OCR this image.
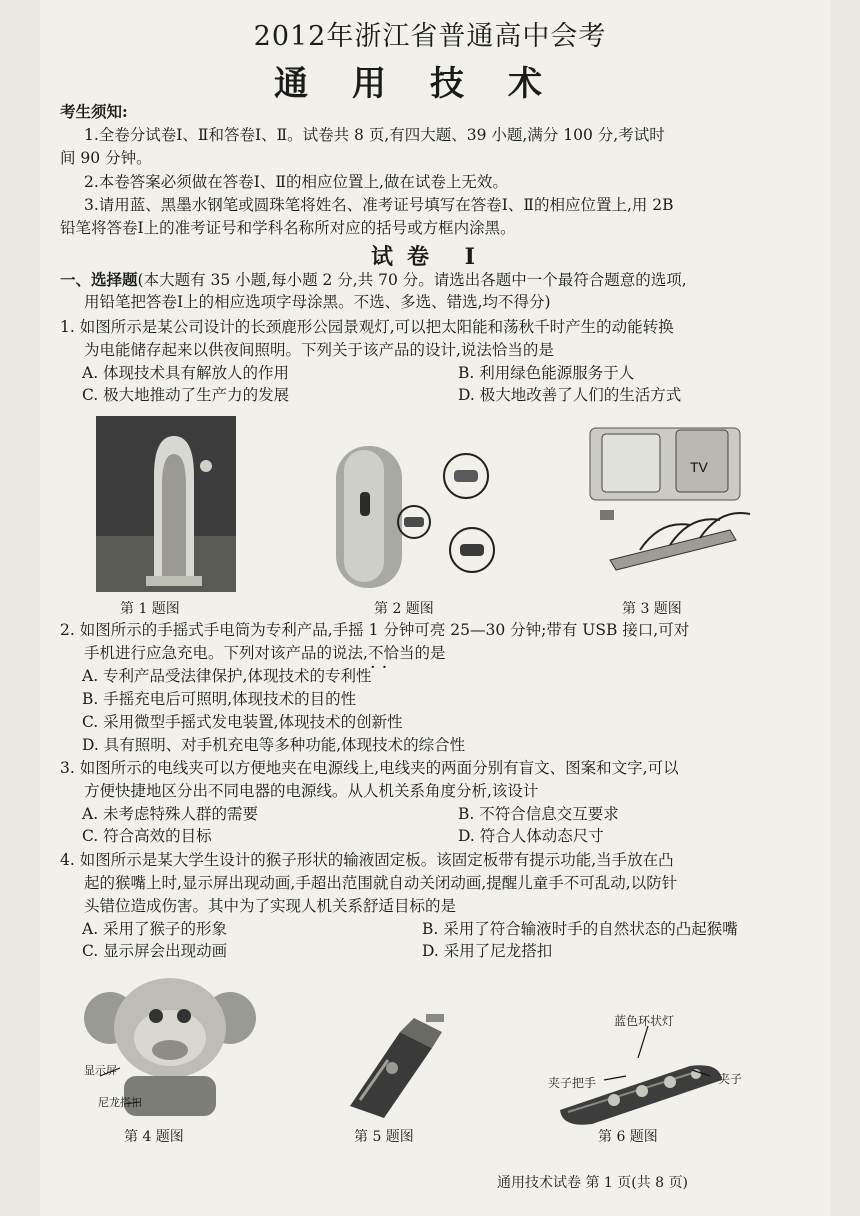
2012年浙江省普通高中会考
通用技术
考生须知:
1.全卷分试卷Ⅰ、Ⅱ和答卷Ⅰ、Ⅱ。试卷共 8 页,有四大题、39 小题,满分 100 分,考试时
间 90 分钟。
2.本卷答案必须做在答卷Ⅰ、Ⅱ的相应位置上,做在试卷上无效。
3.请用蓝、黑墨水钢笔或圆珠笔将姓名、准考证号填写在答卷Ⅰ、Ⅱ的相应位置上,用 2B
铅笔将答卷Ⅰ上的准考证号和学科名称所对应的括号或方框内涂黑。
试卷 Ⅰ
一、选择题(本大题有 35 小题,每小题 2 分,共 70 分。请选出各题中一个最符合题意的选项,
用铅笔把答卷Ⅰ上的相应选项字母涂黑。不选、多选、错选,均不得分)
1. 如图所示是某公司设计的长颈鹿形公园景观灯,可以把太阳能和荡秋千时产生的动能转换
为电能储存起来以供夜间照明。下列关于该产品的设计,说法恰当的是
A. 体现技术具有解放人的作用	B. 利用绿色能源服务于人
C. 极大地推动了生产力的发展	D. 极大地改善了人们的生活方式
第 1 题图	第 2 题图
TV
第 3 题图
2. 如图所示的手摇式手电筒为专利产品,手摇 1 分钟可亮 25—30 分钟;带有 USB 接口,可对
手机进行应急充电。下列对该产品的说法,不恰当 ··的是
A. 专利产品受法律保护,体现技术的专利性
B. 手摇充电后可照明,体现技术的目的性
C. 采用微型手摇式发电装置,体现技术的创新性
D. 具有照明、对手机充电等多种功能,体现技术的综合性
3. 如图所示的电线夹可以方便地夹在电源线上,电线夹的两面分别有盲文、图案和文字,可以
方便快捷地区分出不同电器的电源线。从人机关系角度分析,该设计
A. 未考虑特殊人群的需要	B. 不符合信息交互要求
C. 符合高效的目标	D. 符合人体动态尺寸
4. 如图所示是某大学生设计的猴子形状的输液固定板。该固定板带有提示功能,当手放在凸
起的猴嘴上时,显示屏出现动画,手超出范围就自动关闭动画,提醒儿童手不可乱动,以防针
头错位造成伤害。其中为了实现人机关系舒适目标的是
A. 采用了猴子的形象	B. 采用了符合输液时手的自然状态的凸起猴嘴
C. 显示屏会出现动画	D. 采用了尼龙搭扣
显示屏
尼龙搭扣
第 4 题图	第 5 题图
蓝色环状灯
夹子把手	夹子
第 6 题图
通用技术试卷 第 1 页(共 8 页)
